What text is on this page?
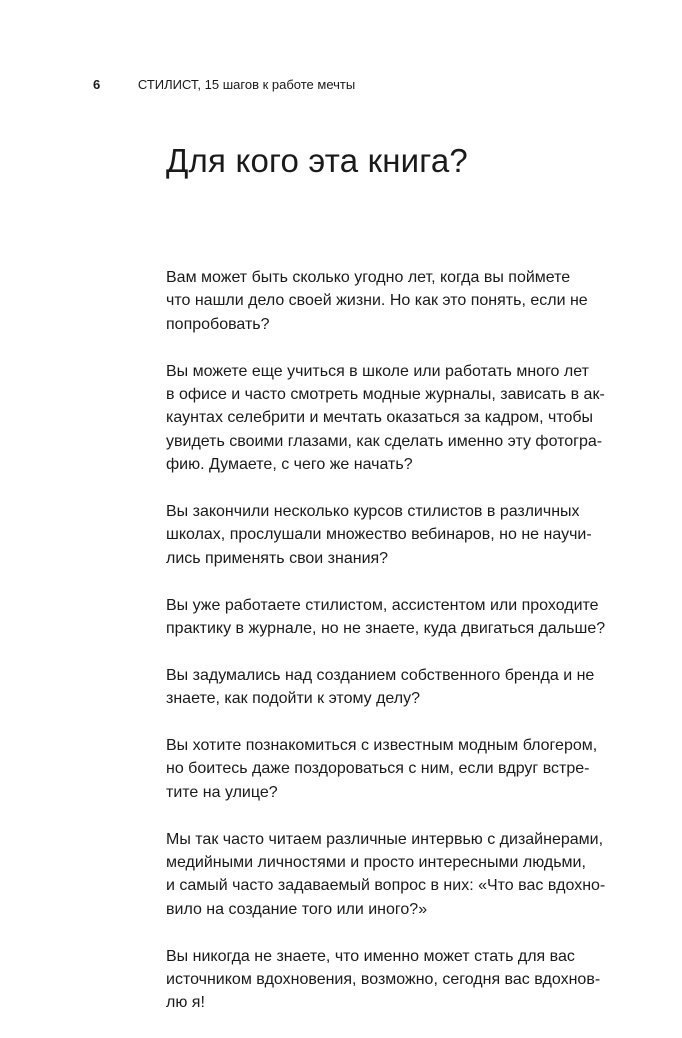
6	СТИЛИСТ, 15 шагов к работе мечты
Для кого эта книга?

Вам может быть сколько угодно лет, когда вы поймете
что нашли дело своей жизни. Но как это понять, если не
попробовать?

Вы можете еще учиться в школе или работать много лет
в офисе и часто смотреть модные журналы, зависать в ак-
каунтах селебрити и мечтать оказаться за кадром, чтобы
увидеть своими глазами, как сделать именно эту фотогра-
фию. Думаете, с чего же начать?

Вы закончили несколько курсов стилистов в различных
школах, прослушали множество вебинаров, но не научи-
лись применять свои знания?

Вы уже работаете стилистом, ассистентом или проходите
практику в журнале, но не знаете, куда двигаться дальше?

Вы задумались над созданием собственного бренда и не
знаете, как подойти к этому делу?

Вы хотите познакомиться с известным модным блогером,
но боитесь даже поздороваться с ним, если вдруг встре-
тите на улице?

Мы так часто читаем различные интервью с дизайнерами,
медийными личностями и просто интересными людьми,
и самый часто задаваемый вопрос в них: «Что вас вдохно-
вило на создание того или иного?»

Вы никогда не знаете, что именно может стать для вас
источником вдохновения, возможно, сегодня вас вдохнов-
лю я!
